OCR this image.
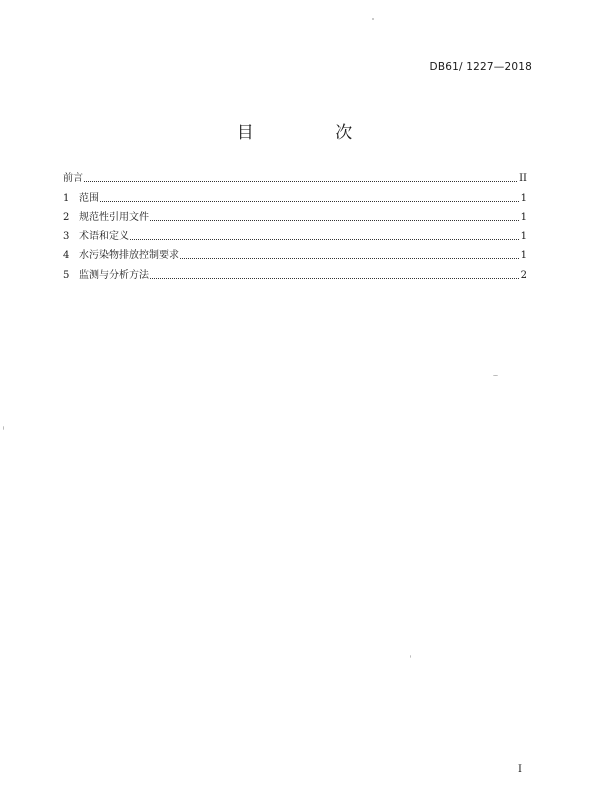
DB61/ 1227—2018
目 次
前言	II
1 范围	1
2 规范性引用文件	1
3 术语和定义	1
4 水污染物排放控制要求	1
5 监测与分析方法	2
I
